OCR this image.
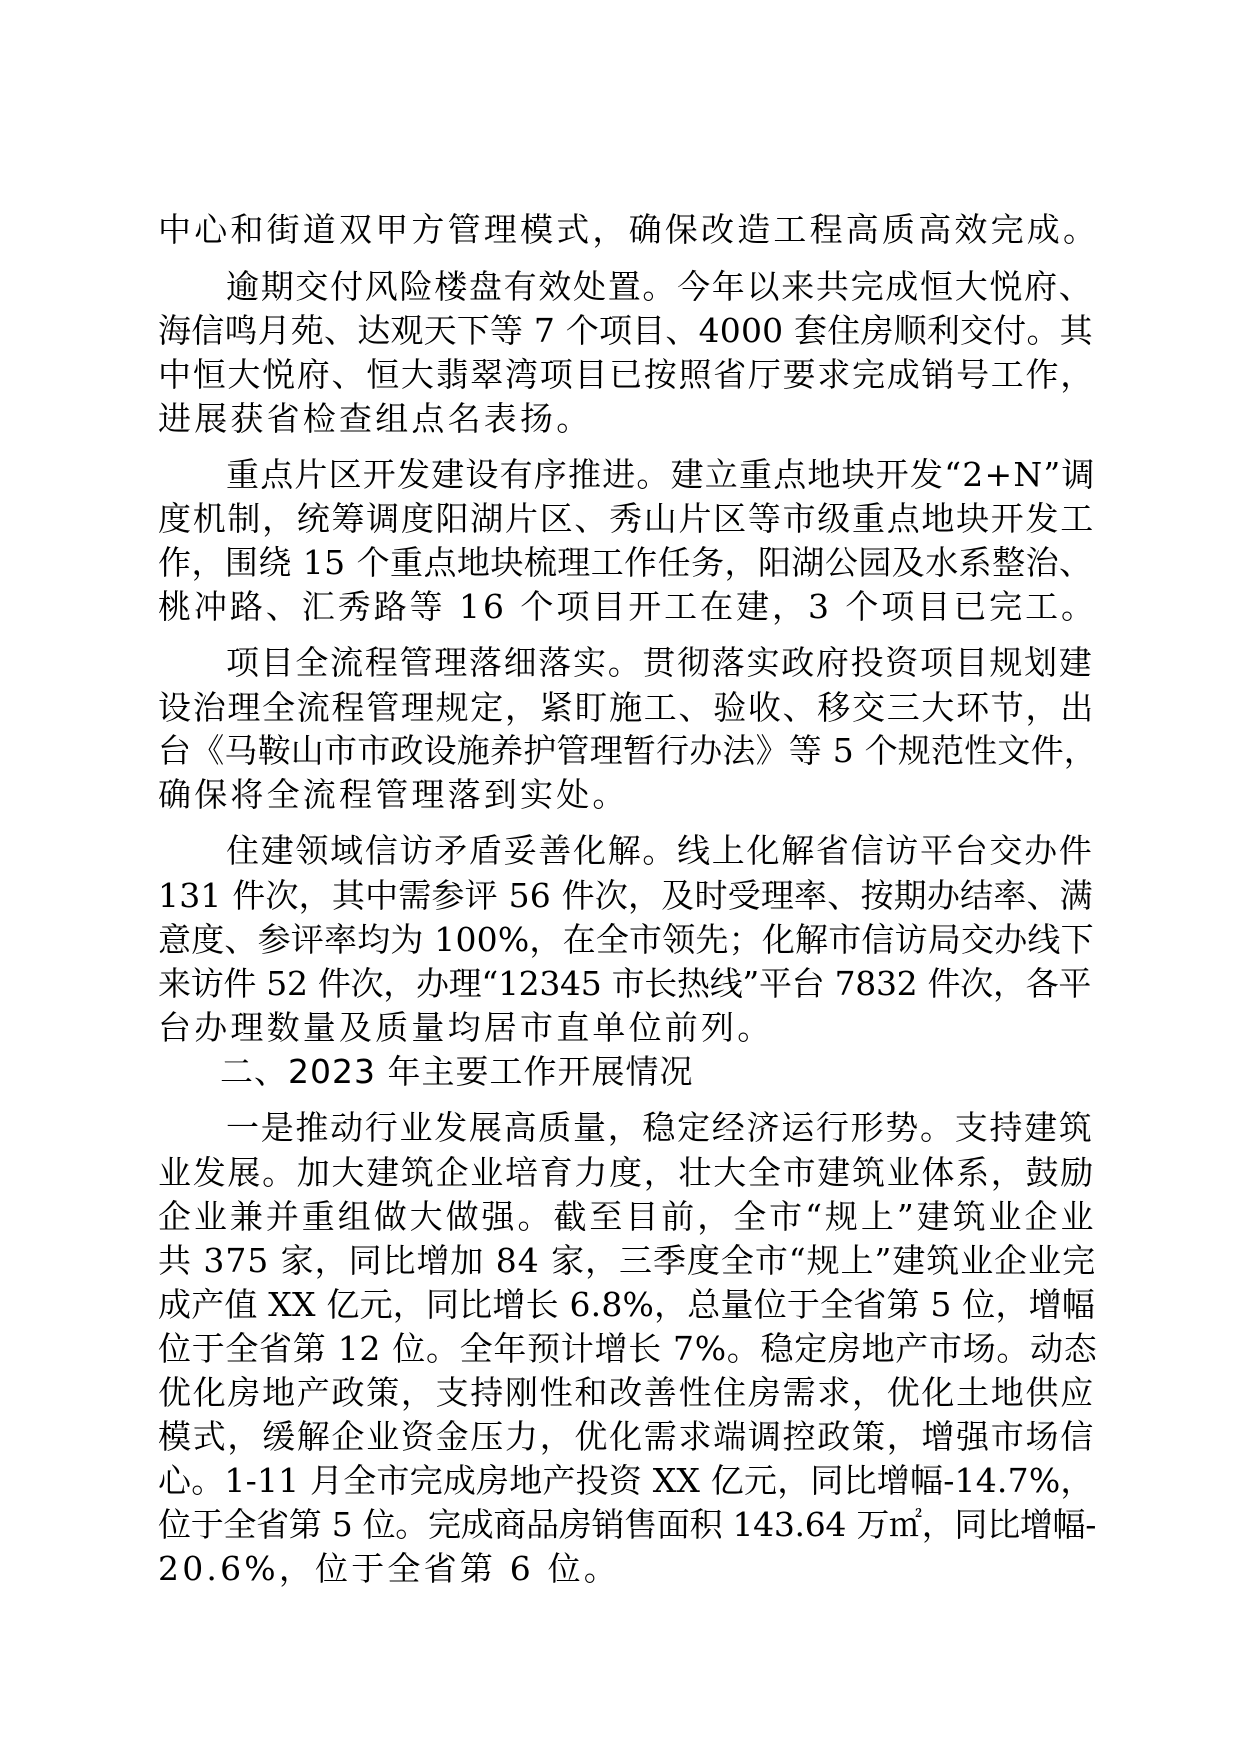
中心和街道双甲方管理模式，确保改造工程高质高效完成。
逾期交付风险楼盘有效处置。今年以来共完成恒大悦府、
海信鸣月苑、达观天下等 7 个项目、4000 套住房顺利交付。其
中恒大悦府、恒大翡翠湾项目已按照省厅要求完成销号工作，
进展获省检查组点名表扬。
重点片区开发建设有序推进。建立重点地块开发“2+N”调
度机制，统筹调度阳湖片区、秀山片区等市级重点地块开发工
作，围绕 15 个重点地块梳理工作任务，阳湖公园及水系整治、
桃冲路、汇秀路等 16 个项目开工在建，3 个项目已完工。
项目全流程管理落细落实。贯彻落实政府投资项目规划建
设治理全流程管理规定，紧盯施工、验收、移交三大环节，出
台《马鞍山市市政设施养护管理暂行办法》等 5 个规范性文件，
确保将全流程管理落到实处。
住建领域信访矛盾妥善化解。线上化解省信访平台交办件
131 件次，其中需参评 56 件次，及时受理率、按期办结率、满
意度、参评率均为 100%，在全市领先；化解市信访局交办线下
来访件 52 件次，办理“12345 市长热线”平台 7832 件次，各平
台办理数量及质量均居市直单位前列。
二、2023 年主要工作开展情况
一是推动行业发展高质量，稳定经济运行形势。支持建筑
业发展。加大建筑企业培育力度，壮大全市建筑业体系，鼓励
企业兼并重组做大做强。截至目前，全市“规上”建筑业企业
共 375 家，同比增加 84 家，三季度全市“规上”建筑业企业完
成产值 XX 亿元，同比增长 6.8%，总量位于全省第 5 位，增幅
位于全省第 12 位。全年预计增长 7%。稳定房地产市场。动态
优化房地产政策，支持刚性和改善性住房需求，优化土地供应
模式，缓解企业资金压力，优化需求端调控政策，增强市场信
心。1-11 月全市完成房地产投资 XX 亿元，同比增幅-14.7%，
位于全省第 5 位。完成商品房销售面积 143.64 万㎡，同比增幅-
20.6%，位于全省第 6 位。
